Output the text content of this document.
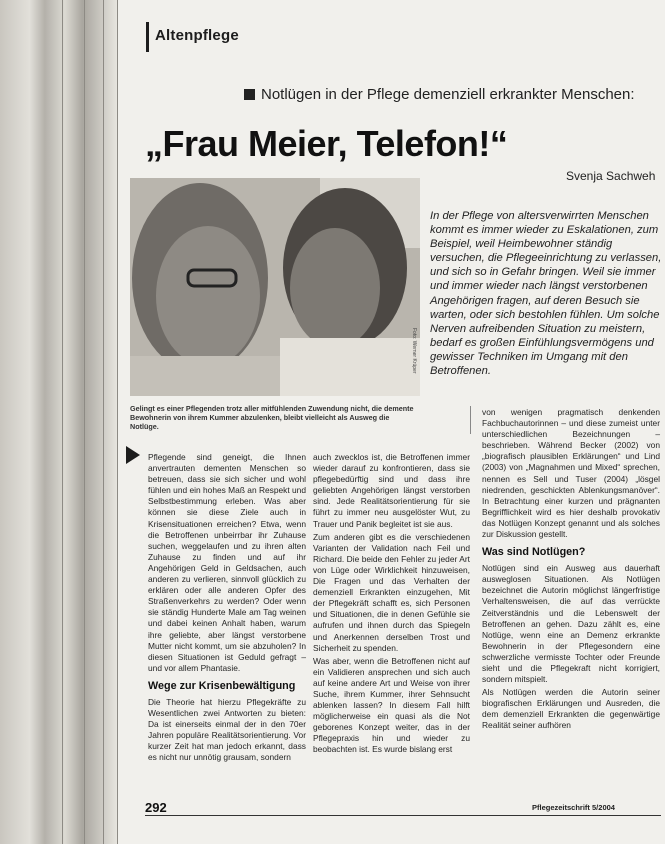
Altenpflege
Notlügen in der Pflege demenziell erkrankter Menschen:
„Frau Meier, Telefon!“
Svenja Sachweh
Foto: Werner Krüper
In der Pflege von altersverwirrten Menschen kommt es immer wieder zu Eskalationen, zum Beispiel, weil Heimbewohner ständig versuchen, die Pflegeeinrichtung zu verlassen, und sich so in Gefahr bringen. Weil sie immer und immer wieder nach längst verstorbenen Angehörigen fragen, auf deren Besuch sie warten, oder sich bestohlen fühlen. Um solche Nerven aufreibenden Situation zu meistern, bedarf es großen Einfühlungsvermögens und gewisser Techniken im Umgang mit den Betroffenen.
Gelingt es einer Pflegenden trotz aller mitfühlenden Zuwendung nicht, die demente Bewohnerin von ihrem Kummer abzulenken, bleibt vielleicht als Ausweg die Notlüge.

Pflegende sind geneigt, die Ihnen anvertrauten dementen Menschen so betreuen, dass sie sich sicher und wohl fühlen und ein hohes Maß an Respekt und Selbstbestimmung erleben. Was aber können sie diese Ziele auch in Krisensituationen erreichen? Etwa, wenn die Betroffenen unbeirrbar ihr Zuhause suchen, weggelaufen und zu ihren alten Zuhause zu finden und auf ihr Angehörigen Geld in Geldsachen, auch anderen zu verlieren, sinnvoll glücklich zu erklären oder alle anderen Opfer des Straßenverkehrs zu werden? Oder wenn sie ständig Hunderte Male am Tag weinen und dabei keinen Anhalt haben, warum ihre geliebte, aber längst verstorbene Mutter nicht kommt, um sie abzuholen? In diesen Situationen ist Geduld gefragt – und vor allem Phantasie.

Wege zur Krisenbewältigung

Die Theorie hat hierzu Pflegekräfte zu Wesentlichen zwei Antworten zu bieten: Da ist einerseits einmal der in den 70er Jahren populäre Realitätsorientierung. Vor kurzer Zeit hat man jedoch erkannt, dass es nicht nur unnötig grausam, sondern

auch zwecklos ist, die Betroffenen immer wieder darauf zu konfrontieren, dass sie pflegebedürftig sind und dass ihre geliebten Angehörigen längst verstorben sind. Jede Realitätsorientierung für sie führt zu immer neu ausgelöster Wut, zu Trauer und Panik begleitet ist sie aus.

Zum anderen gibt es die verschiedenen Varianten der Validation nach Feil und Richard. Die beide den Fehler zu jeder Art von Lüge oder Wirklichkeit hinzuweisen, Die Fragen und das Verhalten der demenziell Erkrankten einzugehen, Mit der Pflegekräft schafft es, sich Personen und Situationen, die in denen Gefühle sie aufrufen und ihnen durch das Spiegeln und Anerkennen derselben Trost und Sicherheit zu spenden.

Was aber, wenn die Betroffenen nicht auf ein Validieren ansprechen und sich auch auf keine andere Art und Weise von ihrer Suche, ihrem Kummer, ihrer Sehnsucht ablenken lassen? In diesem Fall hilft möglicherweise ein quasi als die Not geborenes Konzept weiter, das in der Pflegepraxis hin und wieder zu beobachten ist. Es wurde bislang erst

von wenigen pragmatisch denkenden Fachbuchautorinnen – und diese zumeist unter unterschiedlichen Bezeichnungen – beschrieben. Während Becker (2002) von „biografisch plausiblen Erklärungen“ und Lind (2003) von „Magnahmen und Mixed“ sprechen, nennen es Sell und Tuser (2004) „lösgel niedrenden, geschickten Ablenkungsmanöver“. In Betrachtung einer kurzen und prägnanten Begrifflichkeit wird es hier deshalb provokativ das Notlügen Konzept genannt und als solches zur Diskussion gestellt.

Was sind Notlügen?

Notlügen sind ein Ausweg aus dauerhaft ausweglosen Situationen. Als Notlügen bezeichnet die Autorin möglichst längerfristige Verhaltensweisen, die auf das verrückte Zeitverständnis und die Lebenswelt der Betroffenen an gehen. Dazu zählt es, eine Notlüge, wenn eine an Demenz erkrankte Bewohnerin in der Pflegesondern eine schwerzliche vermisste Tochter oder Freunde sieht und die Pflegekraft nicht korrigiert, sondern mitspielt.

Als Notlügen werden die Autorin seiner biografischen Erklärungen und Ausreden, die dem demenziell Erkrankten die gegenwärtige Realität seiner aufhören

292	Pflegezeitschrift 5/2004
